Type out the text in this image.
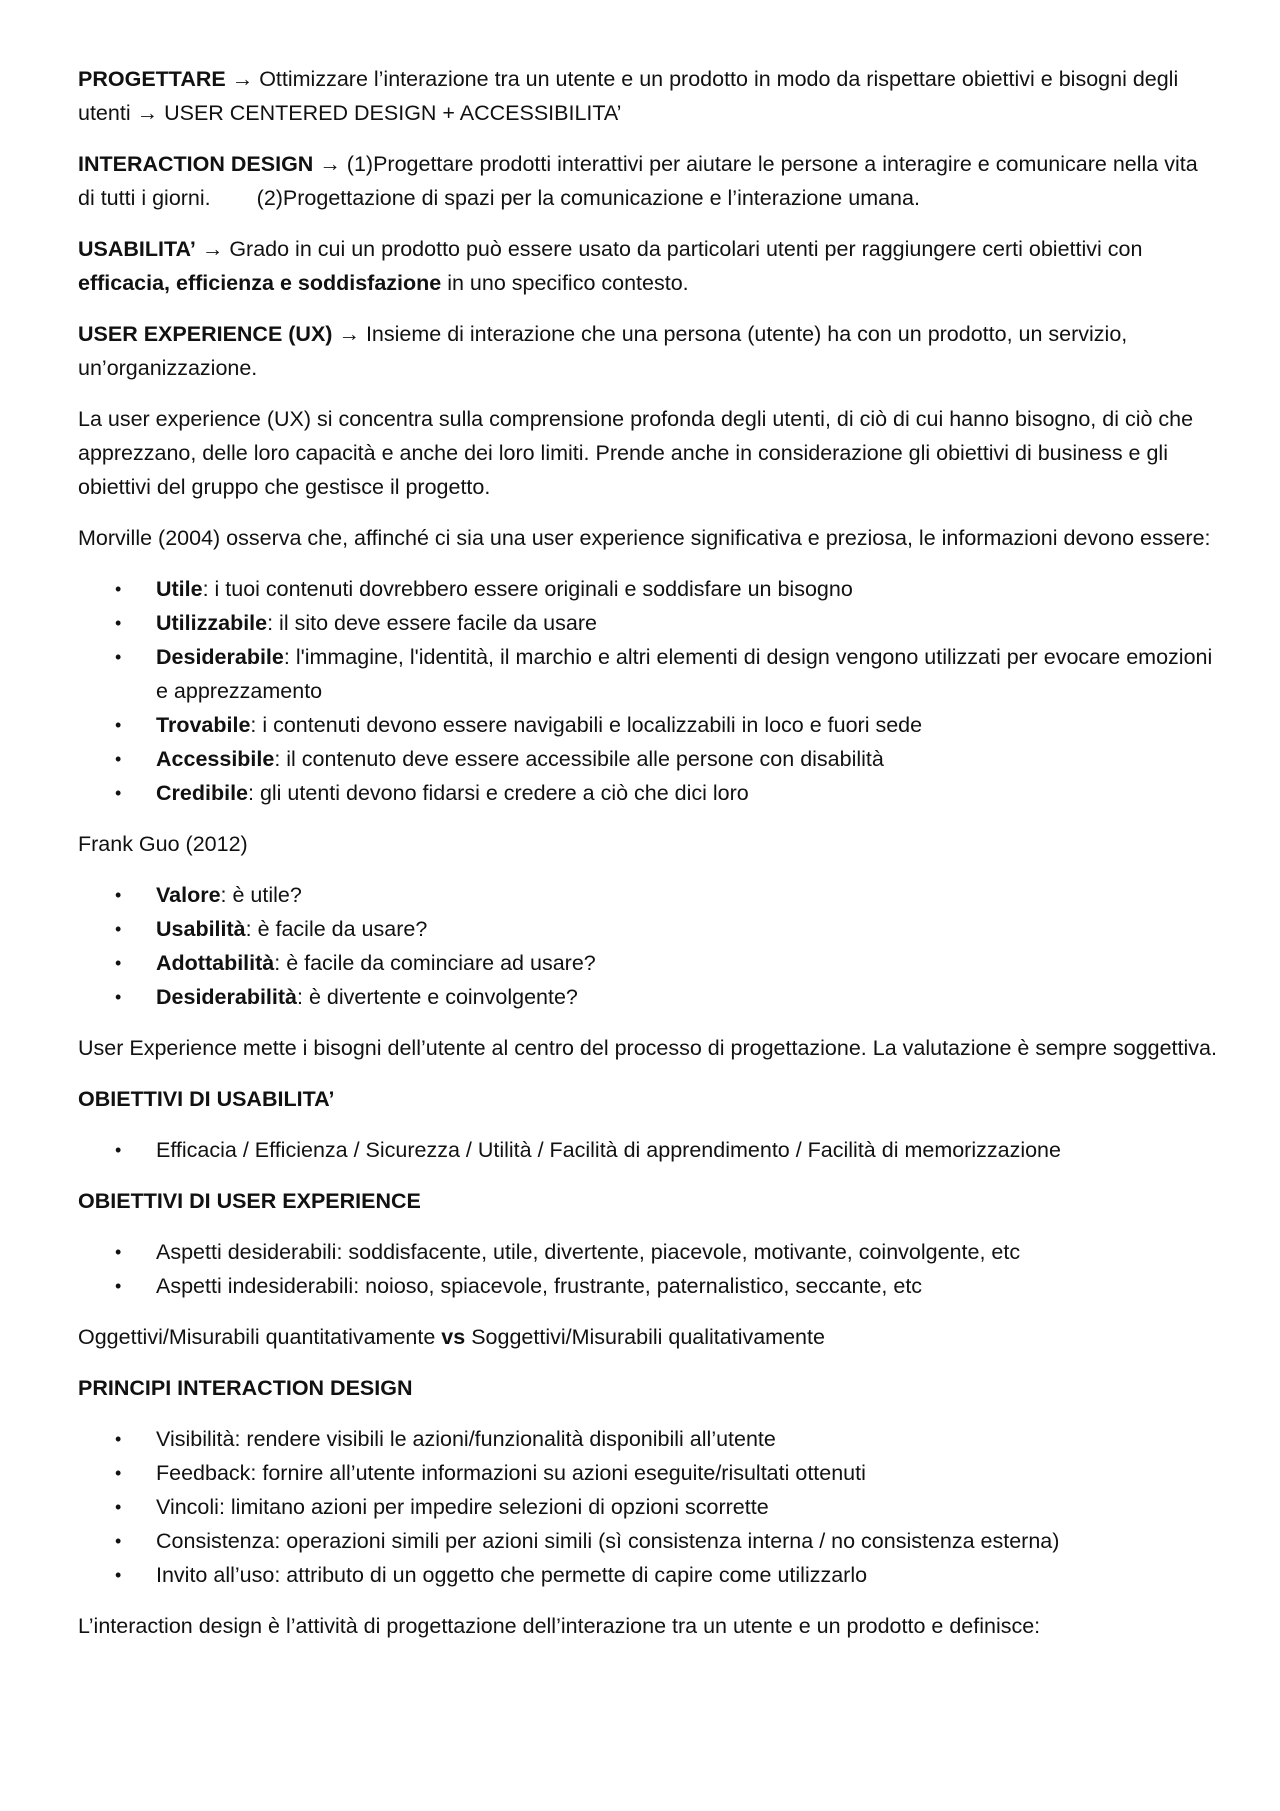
PROGETTARE → Ottimizzare l’interazione tra un utente e un prodotto in modo da rispettare obiettivi e bisogni degli utenti → USER CENTERED DESIGN + ACCESSIBILITA’

INTERACTION DESIGN → (1)Progettare prodotti interattivi per aiutare le persone a interagire e comunicare nella vita di tutti i giorni. (2)Progettazione di spazi per la comunicazione e l’interazione umana.

USABILITA’ → Grado in cui un prodotto può essere usato da particolari utenti per raggiungere certi obiettivi con efficacia, efficienza e soddisfazione in uno specifico contesto.

USER EXPERIENCE (UX) → Insieme di interazione che una persona (utente) ha con un prodotto, un servizio, un’organizzazione.

La user experience (UX) si concentra sulla comprensione profonda degli utenti, di ciò di cui hanno bisogno, di ciò che apprezzano, delle loro capacità e anche dei loro limiti. Prende anche in considerazione gli obiettivi di business e gli obiettivi del gruppo che gestisce il progetto.

Morville (2004) osserva che, affinché ci sia una user experience significativa e preziosa, le informazioni devono essere:

• Utile: i tuoi contenuti dovrebbero essere originali e soddisfare un bisogno
• Utilizzabile: il sito deve essere facile da usare
• Desiderabile: l'immagine, l'identità, il marchio e altri elementi di design vengono utilizzati per evocare emozioni e apprezzamento
• Trovabile: i contenuti devono essere navigabili e localizzabili in loco e fuori sede
• Accessibile: il contenuto deve essere accessibile alle persone con disabilità
• Credibile: gli utenti devono fidarsi e credere a ciò che dici loro

Frank Guo (2012)

• Valore: è utile?
• Usabilità: è facile da usare?
• Adottabilità: è facile da cominciare ad usare?
• Desiderabilità: è divertente e coinvolgente?

User Experience mette i bisogni dell’utente al centro del processo di progettazione. La valutazione è sempre soggettiva.

OBIETTIVI DI USABILITA’

• Efficacia / Efficienza / Sicurezza / Utilità / Facilità di apprendimento / Facilità di memorizzazione

OBIETTIVI DI USER EXPERIENCE

• Aspetti desiderabili: soddisfacente, utile, divertente, piacevole, motivante, coinvolgente, etc
• Aspetti indesiderabili: noioso, spiacevole, frustrante, paternalistico, seccante, etc

Oggettivi/Misurabili quantitativamente vs Soggettivi/Misurabili qualitativamente

PRINCIPI INTERACTION DESIGN

• Visibilità: rendere visibili le azioni/funzionalità disponibili all’utente
• Feedback: fornire all’utente informazioni su azioni eseguite/risultati ottenuti
• Vincoli: limitano azioni per impedire selezioni di opzioni scorrette
• Consistenza: operazioni simili per azioni simili (sì consistenza interna / no consistenza esterna)
• Invito all’uso: attributo di un oggetto che permette di capire come utilizzarlo

L’interaction design è l’attività di progettazione dell’interazione tra un utente e un prodotto e definisce:
